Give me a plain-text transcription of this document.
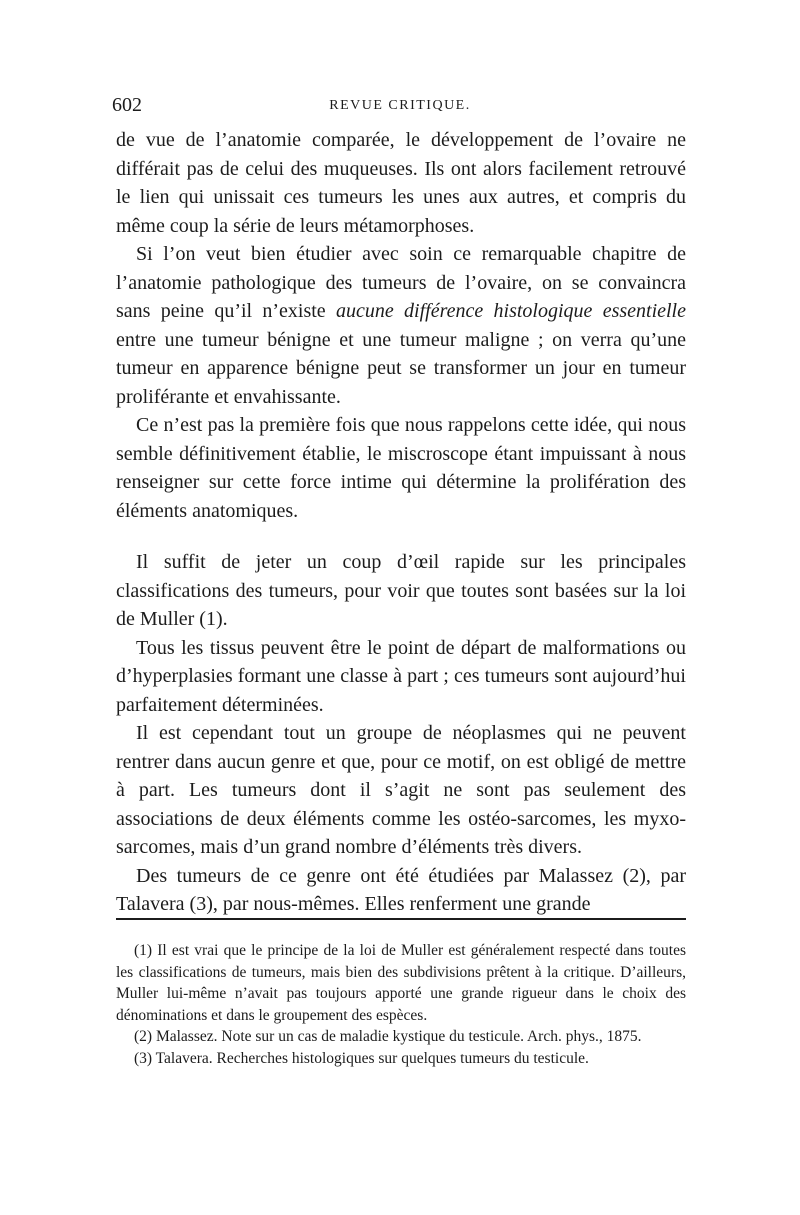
602	REVUE CRITIQUE.

de vue de l’anatomie comparée, le développement de l’ovaire ne différait pas de celui des muqueuses. Ils ont alors facilement retrouvé le lien qui unissait ces tumeurs les unes aux autres, et compris du même coup la série de leurs métamorphoses.

Si l’on veut bien étudier avec soin ce remarquable chapitre de l’anatomie pathologique des tumeurs de l’ovaire, on se convaincra sans peine qu’il n’existe aucune différence histologique essentielle entre une tumeur bénigne et une tumeur maligne ; on verra qu’une tumeur en apparence bénigne peut se transformer un jour en tumeur proliférante et envahissante.

Ce n’est pas la première fois que nous rappelons cette idée, qui nous semble définitivement établie, le miscroscope étant impuissant à nous renseigner sur cette force intime qui détermine la prolifération des éléments anatomiques.

Il suffit de jeter un coup d’œil rapide sur les principales classifications des tumeurs, pour voir que toutes sont basées sur la loi de Muller (1).

Tous les tissus peuvent être le point de départ de malformations ou d’hyperplasies formant une classe à part ; ces tumeurs sont aujourd’hui parfaitement déterminées.

Il est cependant tout un groupe de néoplasmes qui ne peuvent rentrer dans aucun genre et que, pour ce motif, on est obligé de mettre à part. Les tumeurs dont il s’agit ne sont pas seulement des associations de deux éléments comme les ostéo-sarcomes, les myxo-sarcomes, mais d’un grand nombre d’éléments très divers.

Des tumeurs de ce genre ont été étudiées par Malassez (2), par Talavera (3), par nous-mêmes. Elles renferment une grande

(1) Il est vrai que le principe de la loi de Muller est généralement respecté dans toutes les classifications de tumeurs, mais bien des subdivisions prêtent à la critique. D’ailleurs, Muller lui-même n’avait pas toujours apporté une grande rigueur dans le choix des dénominations et dans le groupement des espèces.

(2) Malassez. Note sur un cas de maladie kystique du testicule. Arch. phys., 1875.

(3) Talavera. Recherches histologiques sur quelques tumeurs du testicule.
